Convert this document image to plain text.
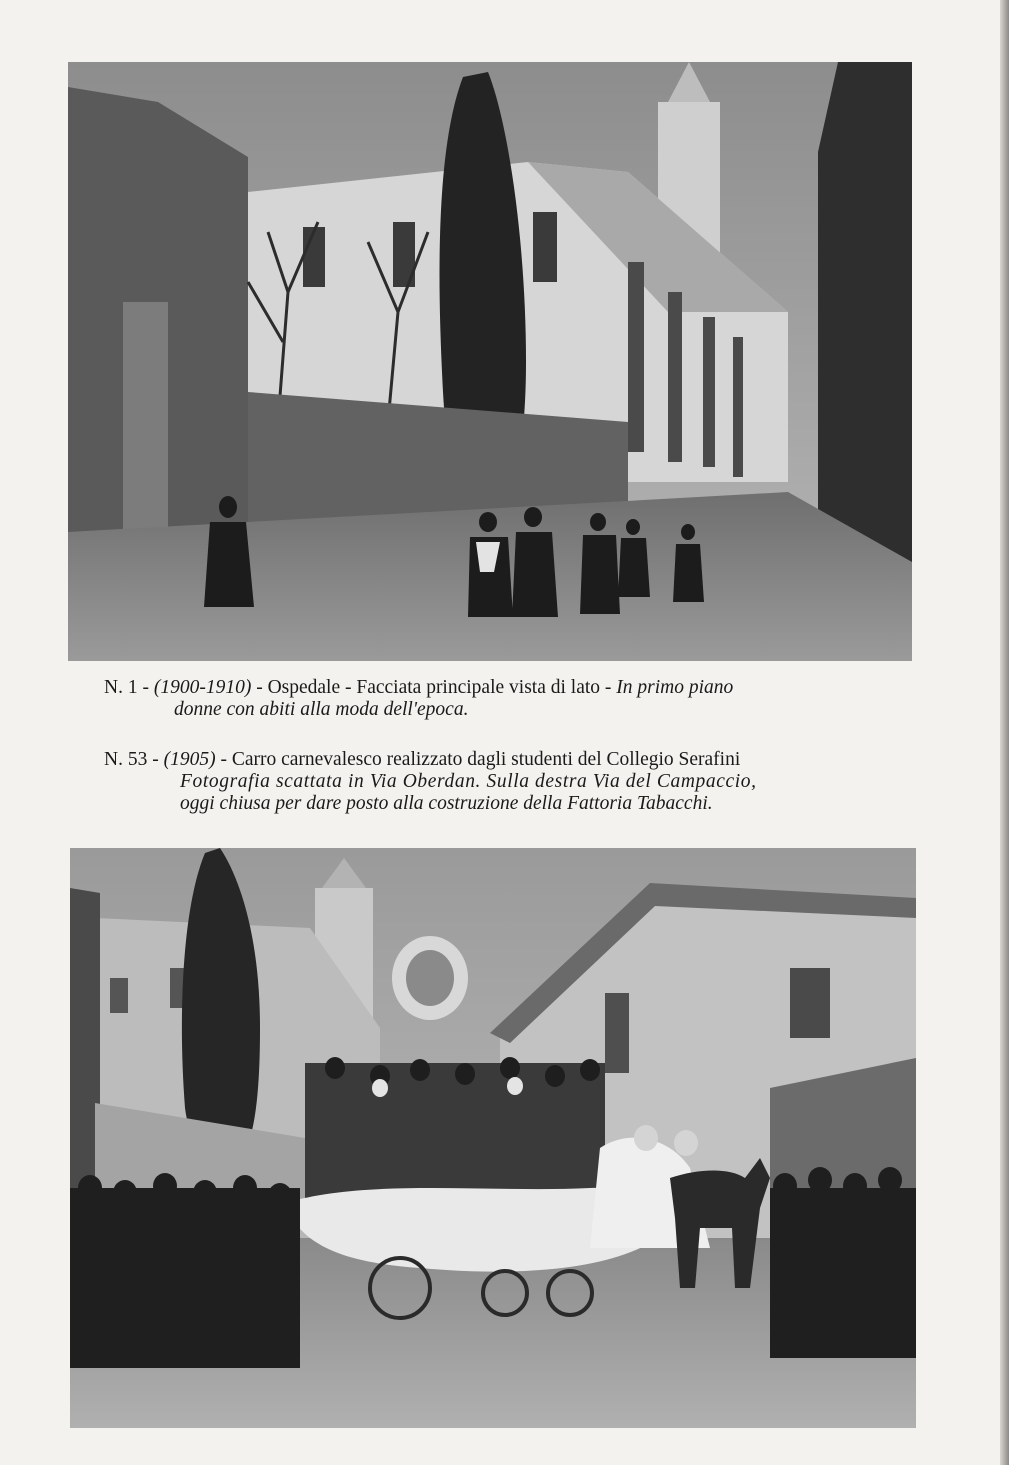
N. 1 - (1900-1910) - Ospedale - Facciata principale vista di lato - In primo piano
donne con abiti alla moda dell'epoca.
N. 53 - (1905) - Carro carnevalesco realizzato dagli studenti del Collegio Serafini
Fotografia scattata in Via Oberdan. Sulla destra Via del Campaccio,
oggi chiusa per dare posto alla costruzione della Fattoria Tabacchi.
